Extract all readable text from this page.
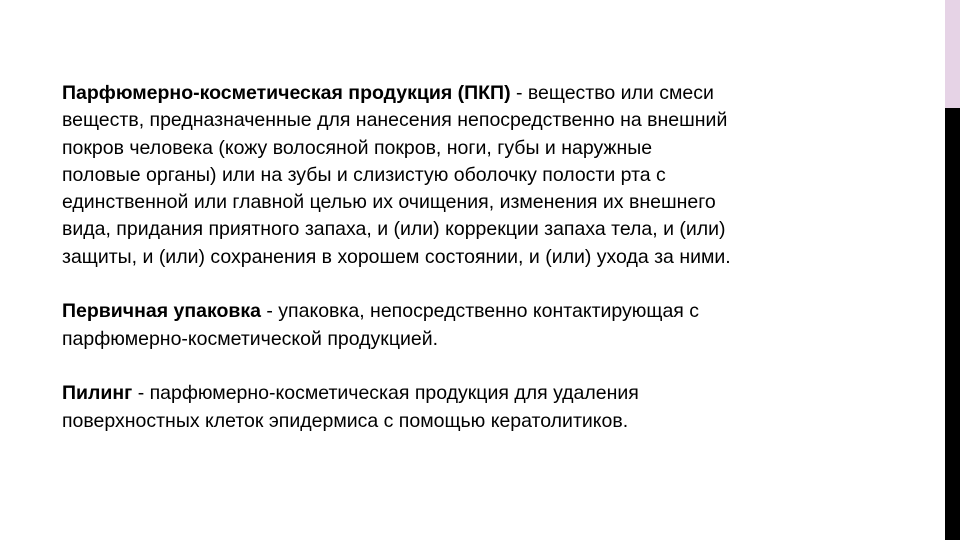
Парфюмерно-косметическая продукция (ПКП) - вещество или смеси
веществ, предназначенные для нанесения непосредственно на внешний
покров человека (кожу волосяной покров, ноги, губы и наружные
половые органы) или на зубы и слизистую оболочку полости рта с
единственной или главной целью их очищения, изменения их внешнего
вида, придания приятного запаха, и (или) коррекции запаха тела, и (или)
защиты, и (или) сохранения в хорошем состоянии, и (или) ухода за ними.

Первичная упаковка - упаковка, непосредственно контактирующая с
парфюмерно-косметической продукцией.

Пилинг - парфюмерно-косметическая продукция для удаления
поверхностных клеток эпидермиса с помощью кератолитиков.
